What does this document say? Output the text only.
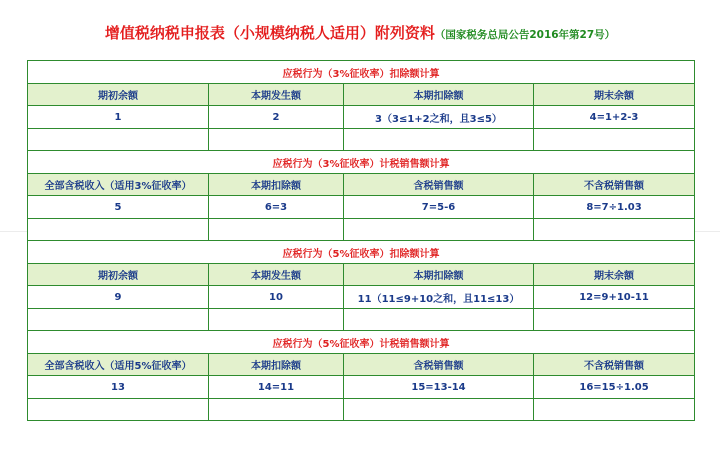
增值税纳税申报表（小规模纳税人适用）附列资料（国家税务总局公告2016年第27号）
应税行为（3%征收率）扣除额计算			
期初余额	本期发生额	本期扣除额	期末余额
1	2	3（3≤1+2之和，且3≤5）	4=1+2-3

应税行为（3%征收率）计税销售额计算			
全部含税收入（适用3%征收率）	本期扣除额	含税销售额	不含税销售额
5	6=3	7=5-6	8=7÷1.03

应税行为（5%征收率）扣除额计算			
期初余额	本期发生额	本期扣除额	期末余额
9	10	11（11≤9+10之和，且11≤13）	12=9+10-11

应税行为（5%征收率）计税销售额计算			
全部含税收入（适用5%征收率）	本期扣除额	含税销售额	不含税销售额
13	14=11	15=13-14	16=15÷1.05
